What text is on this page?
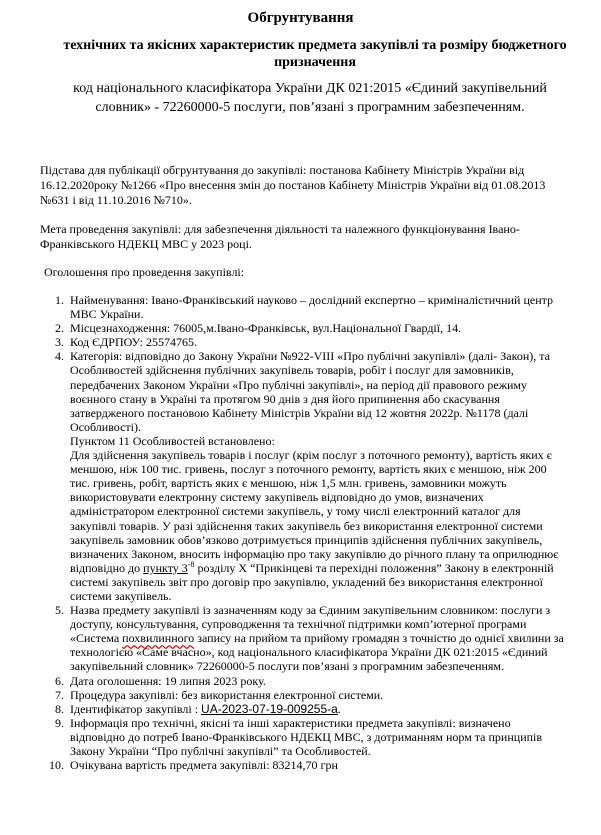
Обгрунтування
технічних та якісних характеристик предмета закупівлі та розміру бюджетного призначення
код національного класифікатора України ДК 021:2015 «Єдиний закупівельний словник» - 72260000-5 послуги, пов’язані з програмним забезпеченням.

Підстава для публікації обгрунтування до закупівлі: постанова Кабінету Міністрів України від 16.12.2020року №1266 «Про внесення змін до постанов Кабінету Міністрів України від 01.08.2013 №631 і від 11.10.2016 №710».

Мета проведення закупівлі: для забезпечення діяльності та належного функціонування Івано-Франківського НДЕКЦ МВС у 2023 році.

Оголошення про проведення закупівлі:
1. Найменування: Івано-Франківський науково – дослідний експертно – криміналістичний центр МВС України.
2. Місцезнаходження: 76005,м.Івано-Франківськ, вул.Національної Гвардії, 14.
3. Код ЄДРПОУ: 25574765.
4. Категорія: відповідно до Закону України №922-VIII «Про публічні закупівлі» (далі- Закон), та Особливостей здійснення публічних закупівель товарів, робіт і послуг для замовників, передбачених Законом України «Про публічні закупівлі», на період дії правового режиму воєнного стану в Україні та протягом 90 днів з дня його припинення або скасування затвердженого постановою Кабінету Міністрів України від 12 жовтня 2022р. №1178 (далі Особливості).
Пунктом 11 Особливостей встановлено:
Для здійснення закупівель товарів і послуг (крім послуг з поточного ремонту), вартість яких є меншою, ніж 100 тис. гривень, послуг з поточного ремонту, вартість яких є меншою, ніж 200 тис. гривень, робіт, вартість яких є меншою, ніж 1,5 млн. гривень, замовники можуть використовувати електронну систему закупівель відповідно до умов, визначених адміністратором електронної системи закупівель, у тому числі електронний каталог для закупівлі товарів. У разі здійснення таких закупівель без використання електронної системи закупівель замовник обов’язково дотримується принципів здійснення публічних закупівель, визначених Законом, вносить інформацію про таку закупівлю до річного плану та оприлюднює відповідно до пункту $3^{-8}$ розділу Х “Прикінцеві та перехідні положення” Закону в електронній системі закупівель звіт про договір про закупівлю, укладений без використання електронної системи закупівель.
5. Назва предмету закупівлі із зазначенням коду за Єдиним закупівельним словником: послуги з доступу, консультування, супроводження та технічної підтримки комп’ютерної програми «Система похвилинного запису на прийом та прийому громадян з точністю до однієї хвилини за технологією «Саме вчасно», код національного класифікатора України ДК 021:2015 «Єдиний закупівельний словник» 72260000-5 послуги пов’язані з програмним забезпеченням.
6. Дата оголошення: 19 липня 2023 року.
7. Процедура закупівлі: без використання електронної системи.
8. Ідентифікатор закупівлі : UA-2023-07-19-009255-a.
9. Інформація про технічні, якісні та інші характеристики предмета закупівлі: визначено відповідно до потреб Івано-Франківського НДЕКЦ МВС, з дотриманням норм та принципів Закону України “Про публічні закупівлі” та Особливостей.
10. Очікувана вартість предмета закупівлі: 83214,70 грн
